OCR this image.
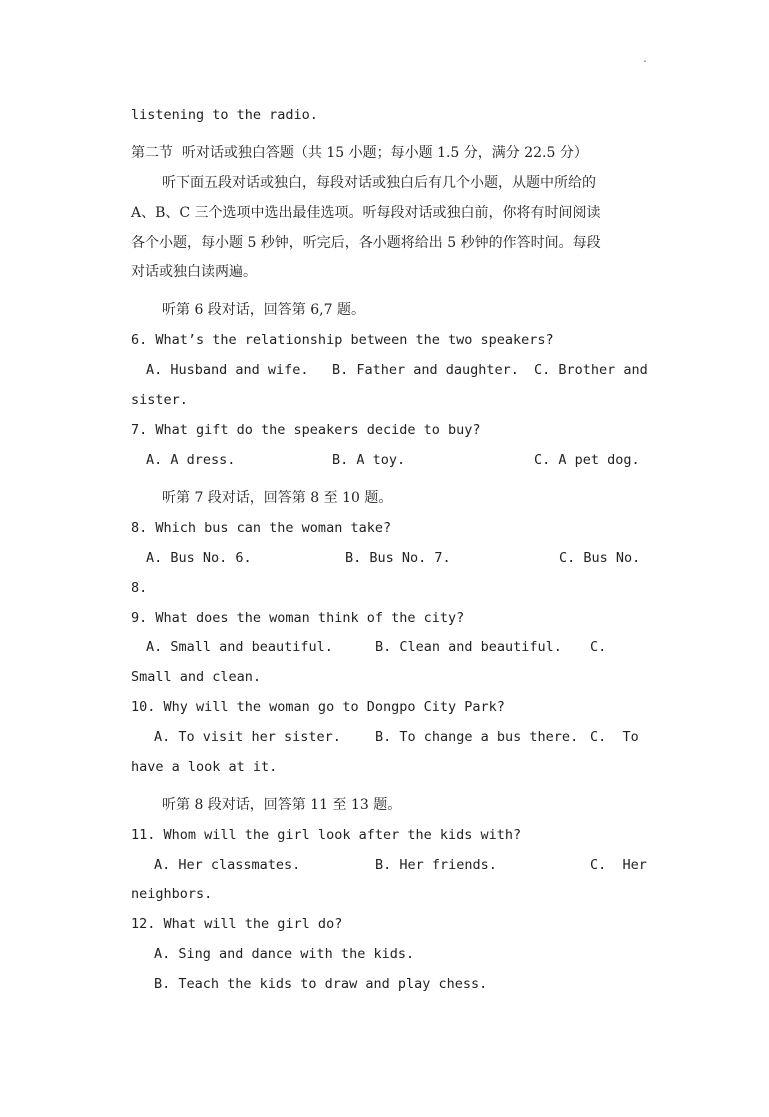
.
listening to the radio.
第二节  听对话或独白答题（共 15 小题；每小题 1.5 分，满分 22.5 分）
听下面五段对话或独白，每段对话或独白后有几个小题，从题中所给的
A、B、C 三个选项中选出最佳选项。听每段对话或独白前，你将有时间阅读
各个小题，每小题 5 秒钟，听完后，各小题将给出 5 秒钟的作答时间。每段
对话或独白读两遍。
听第 6 段对话，回答第 6,7 题。
6. What’s the relationship between the two speakers?
A. Husband and wife. B. Father and daughter. C. Brother and
sister.
7. What gift do the speakers decide to buy?
A. A dress.	B. A toy.	C. A pet dog.
听第 7 段对话，回答第 8 至 10 题。
8. Which bus can the woman take?
A. Bus No. 6.	B. Bus No. 7.	C. Bus No.
8.
9. What does the woman think of the city?
A. Small and beautiful.	B. Clean and beautiful. C.
Small and clean.
10. Why will the woman go to Dongpo City Park?
A. To visit her sister.	B. To change a bus there. C.  To
have a look at it.
听第 8 段对话，回答第 11 至 13 题。
11. Whom will the girl look after the kids with?
A. Her classmates.	B. Her friends.	C.  Her
neighbors.
12. What will the girl do?
A. Sing and dance with the kids.
B. Teach the kids to draw and play chess.
